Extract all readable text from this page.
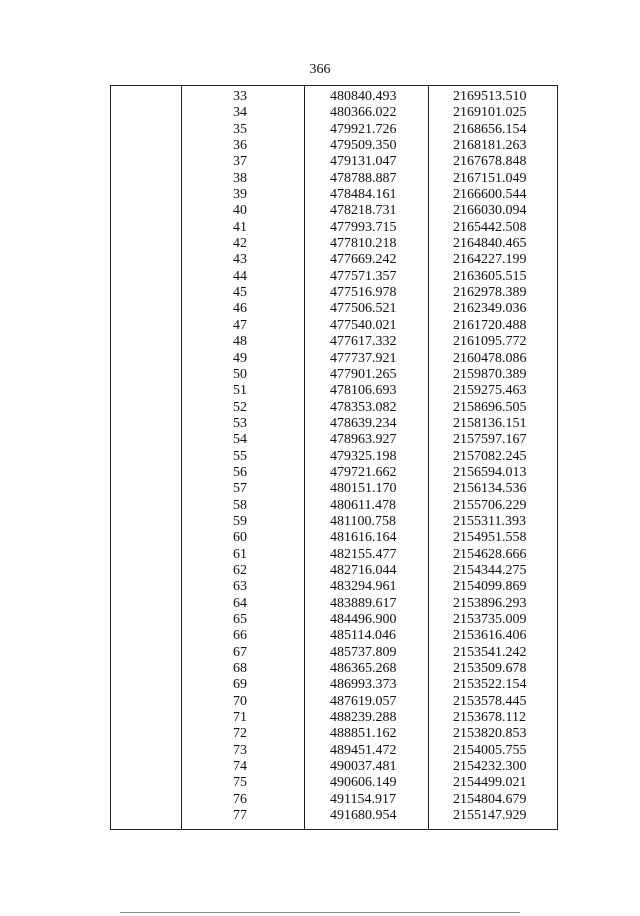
366
33	480840.493	2169513.510
34	480366.022	2169101.025
35	479921.726	2168656.154
36	479509.350	2168181.263
37	479131.047	2167678.848
38	478788.887	2167151.049
39	478484.161	2166600.544
40	478218.731	2166030.094
41	477993.715	2165442.508
42	477810.218	2164840.465
43	477669.242	2164227.199
44	477571.357	2163605.515
45	477516.978	2162978.389
46	477506.521	2162349.036
47	477540.021	2161720.488
48	477617.332	2161095.772
49	477737.921	2160478.086
50	477901.265	2159870.389
51	478106.693	2159275.463
52	478353.082	2158696.505
53	478639.234	2158136.151
54	478963.927	2157597.167
55	479325.198	2157082.245
56	479721.662	2156594.013
57	480151.170	2156134.536
58	480611.478	2155706.229
59	481100.758	2155311.393
60	481616.164	2154951.558
61	482155.477	2154628.666
62	482716.044	2154344.275
63	483294.961	2154099.869
64	483889.617	2153896.293
65	484496.900	2153735.009
66	485114.046	2153616.406
67	485737.809	2153541.242
68	486365.268	2153509.678
69	486993.373	2153522.154
70	487619.057	2153578.445
71	488239.288	2153678.112
72	488851.162	2153820.853
73	489451.472	2154005.755
74	490037.481	2154232.300
75	490606.149	2154499.021
76	491154.917	2154804.679
77	491680.954	2155147.929
